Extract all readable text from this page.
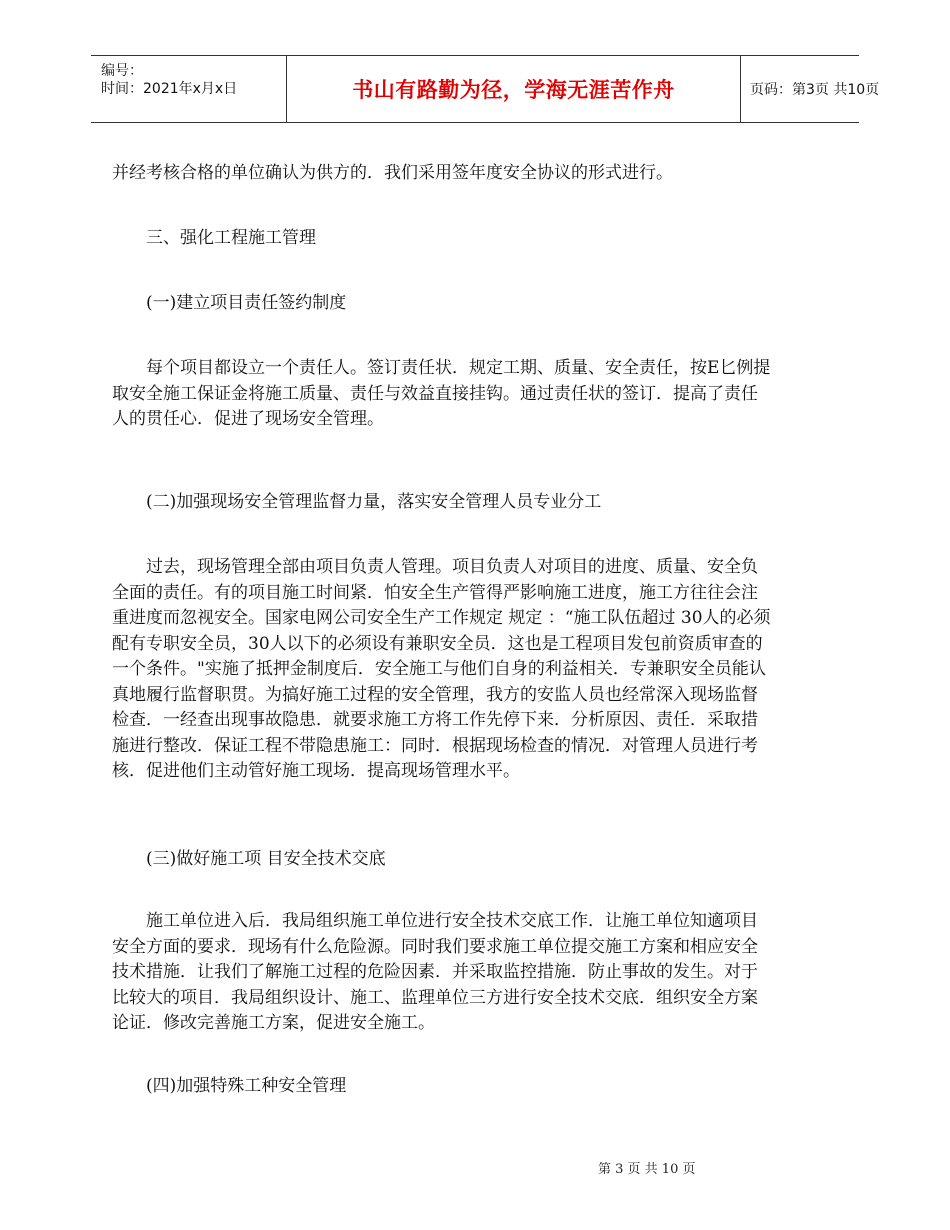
编号：
时间：2021年x月x日	书山有路勤为径，学海无涯苦作舟	页码：第3页 共10页

并经考核合格的单位确认为供方的．我们采用签年度安全协议的形式进行。

三、强化工程施工管理

(一)建立项目责任签约制度

每个项目都设立一个责任人。签订责任状．规定工期、质量、安全责任，按E匕例提取安全施工保证金将施工质量、责任与效益直接挂钩。通过责任状的签订．提高了责任人的贯任心．促进了现场安全管理。

(二)加强现场安全管理监督力量，落实安全管理人员专业分工

过去，现场管理全部由项目负责人管理。项目负责人对项目的进度、质量、安全负全面的责任。有的项目施工时间紧．怕安全生产管得严影响施工进度，施工方往往会注重进度而忽视安全。国家电网公司安全生产工作规定 规定 ：“施工队伍超过 30人的必须配有专职安全员，30人以下的必须设有兼职安全员．这也是工程项目发包前资质审查的一个条件。"实施了抵押金制度后．安全施工与他们自身的利益相关．专兼职安全员能认真地履行监督职贯。为搞好施工过程的安全管理，我方的安监人员也经常深入现场监督检查．一经查出现事故隐患．就要求施工方将工作先停下来．分析原因、责任．采取措施进行整改．保证工程不带隐患施工：同时．根据现场检查的情况．对管理人员进行考核．促进他们主动管好施工现场．提高现场管理水平。

(三)做好施工项 目安全技术交底

施工单位进入后．我局组织施工单位进行安全技术交底工作．让施工单位知適项目安全方面的要求．现场有什么危险源。同时我们要求施工单位提交施工方案和相应安全技术措施．让我们了解施工过程的危险因素．并采取监控措施．防止事故的发生。对于比较大的项目．我局组织设计、施工、监理单位三方进行安全技术交底．组织安全方案论证．修改完善施工方案，促进安全施工。

(四)加强特殊工种安全管理

第 3 页 共 10 页
